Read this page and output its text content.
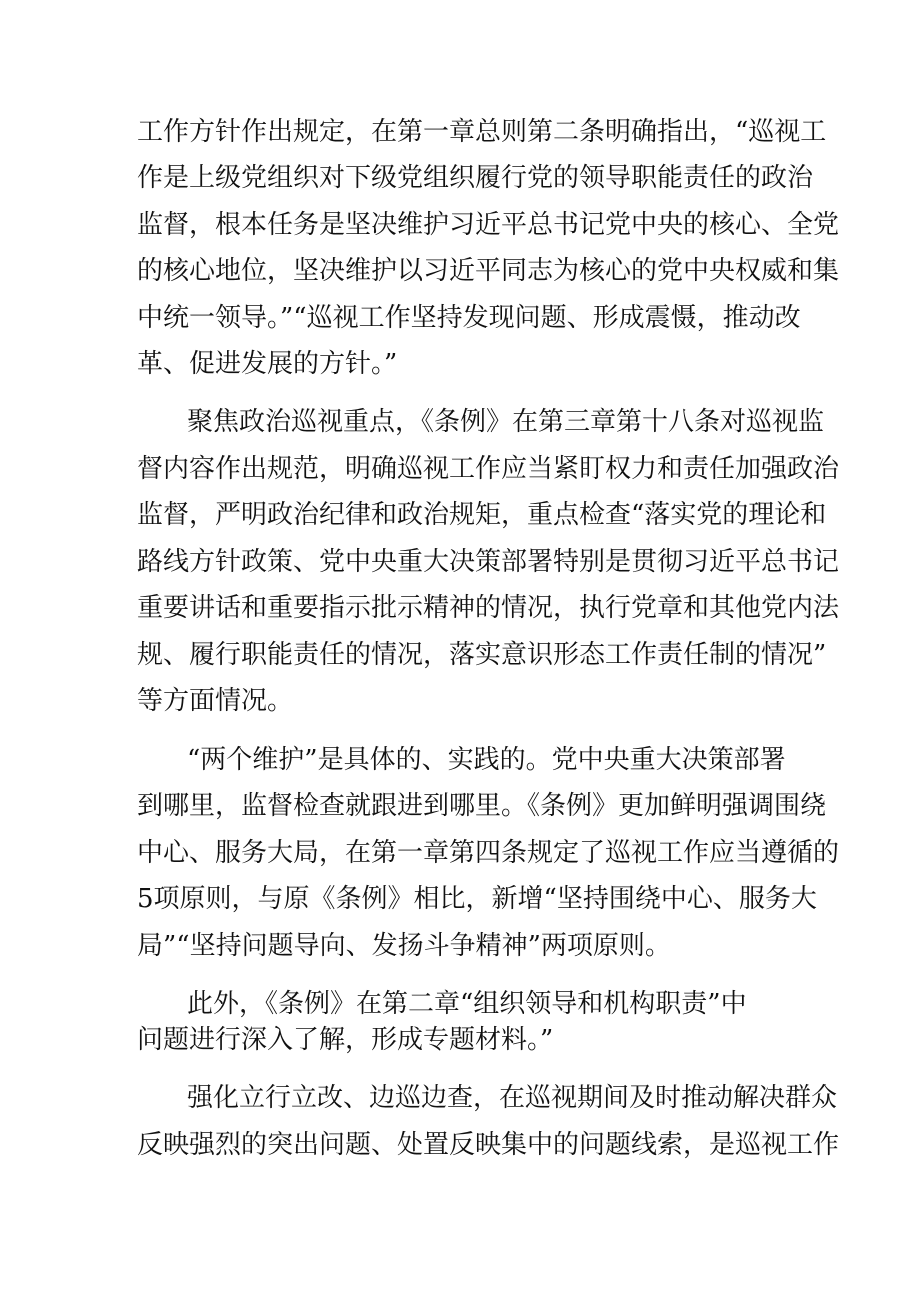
工作方针作出规定，在第一章总则第二条明确指出，“巡视工
作是上级党组织对下级党组织履行党的领导职能责任的政治
监督，根本任务是坚决维护习近平总书记党中央的核心、全党
的核心地位，坚决维护以习近平同志为核心的党中央权威和集
中统一领导。”“巡视工作坚持发现问题、形成震慑，推动改
革、促进发展的方针。”
聚焦政治巡视重点，《条例》在第三章第十八条对巡视监
督内容作出规范，明确巡视工作应当紧盯权力和责任加强政治
监督，严明政治纪律和政治规矩，重点检查“落实党的理论和
路线方针政策、党中央重大决策部署特别是贯彻习近平总书记
重要讲话和重要指示批示精神的情况，执行党章和其他党内法
规、履行职能责任的情况，落实意识形态工作责任制的情况”
等方面情况。
“两个维护”是具体的、实践的。党中央重大决策部署
到哪里，监督检查就跟进到哪里。《条例》更加鲜明强调围绕
中心、服务大局，在第一章第四条规定了巡视工作应当遵循的
5项原则，与原《条例》相比，新增“坚持围绕中心、服务大
局”“坚持问题导向、发扬斗争精神”两项原则。
此外，《条例》在第二章“组织领导和机构职责”中
问题进行深入了解，形成专题材料。”
强化立行立改、边巡边查，在巡视期间及时推动解决群众
反映强烈的突出问题、处置反映集中的问题线索，是巡视工作
